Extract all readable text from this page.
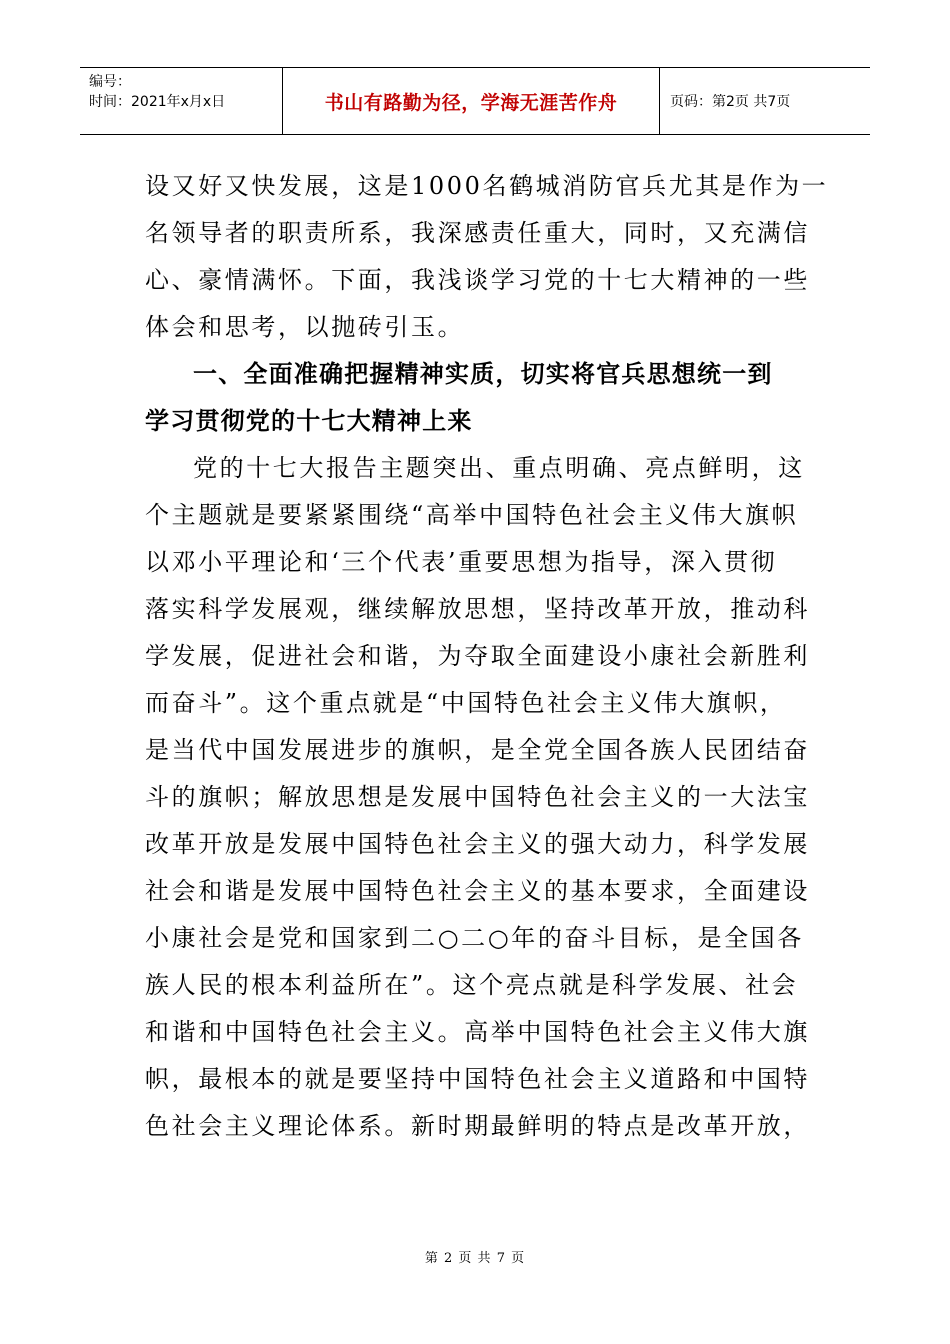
编号：
时间：2021年x月x日	书山有路勤为径，学海无涯苦作舟	页码：第2页 共7页
设又好又快发展，这是1000名鹤城消防官兵尤其是作为一
名领导者的职责所系，我深感责任重大，同时，又充满信
心、豪情满怀。下面，我浅谈学习党的十七大精神的一些
体会和思考，以抛砖引玉。
一、全面准确把握精神实质，切实将官兵思想统一到
学习贯彻党的十七大精神上来
党的十七大报告主题突出、重点明确、亮点鲜明，这
个主题就是要紧紧围绕“高举中国特色社会主义伟大旗帜
以邓小平理论和‘三个代表’重要思想为指导，深入贯彻
落实科学发展观，继续解放思想，坚持改革开放，推动科
学发展，促进社会和谐，为夺取全面建设小康社会新胜利
而奋斗”。这个重点就是“中国特色社会主义伟大旗帜，
是当代中国发展进步的旗帜，是全党全国各族人民团结奋
斗的旗帜；解放思想是发展中国特色社会主义的一大法宝
改革开放是发展中国特色社会主义的强大动力，科学发展
社会和谐是发展中国特色社会主义的基本要求，全面建设
小康社会是党和国家到二○二○年的奋斗目标，是全国各
族人民的根本利益所在”。这个亮点就是科学发展、社会
和谐和中国特色社会主义。高举中国特色社会主义伟大旗
帜，最根本的就是要坚持中国特色社会主义道路和中国特
色社会主义理论体系。新时期最鲜明的特点是改革开放，
第 2 页 共 7 页
